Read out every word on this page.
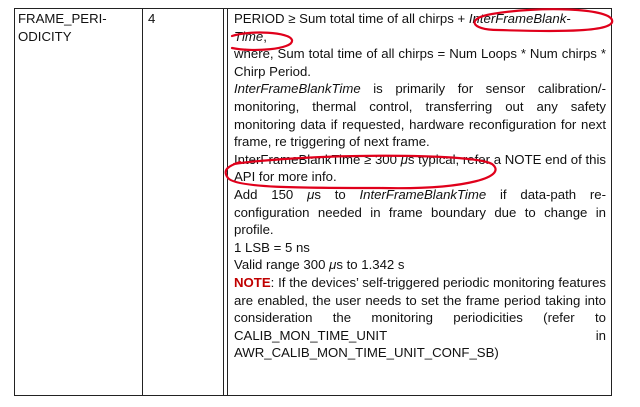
FRAME_PERI-
ODICITY
4	PERIOD ≥ Sum total time of all chirps + InterFrameBlank-
Time,

where, Sum total time of all chirps = Num Loops * Num chirps * Chirp Period.

InterFrameBlankTime is primarily for sensor calibration/-monitoring, thermal control, transferring out any safety monitoring data if requested, hardware reconfiguration for next frame, re triggering of next frame.

InterFrameBlankTime ≥ 300 μs typical, refer a NOTE end of this API for more info.

Add 150 μs to InterFrameBlankTime if data-path re-configuration needed in frame boundary due to change in profile.

1 LSB = 5 ns

Valid range 300 μs to 1.342 s

NOTE: If the devices’ self-triggered periodic monitoring features are enabled, the user needs to set the frame period taking into consideration the monitoring periodicities (refer to CALIB_MON_TIME_UNIT in AWR_CALIB_MON_TIME_UNIT_CONF_SB)
